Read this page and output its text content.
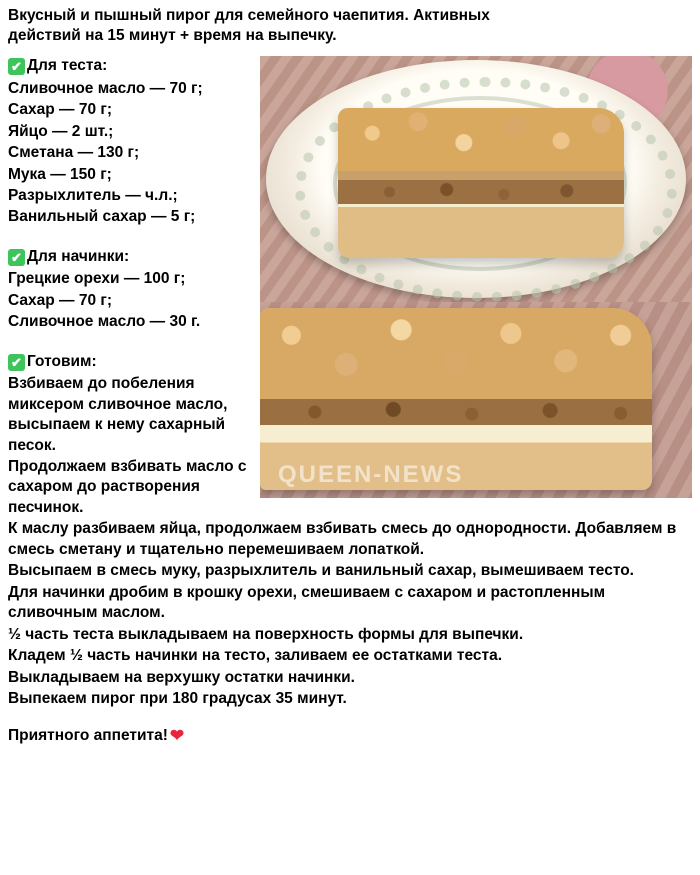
Вкусный и пышный пирог для семейного чаепития. Активных
действий на 15 минут + время на выпечку.
QUEEN-NEWS
✔ Для теста:
Сливочное масло — 70 г;
Сахар — 70 г;
Яйцо — 2 шт.;
Сметана — 130 г;
Мука — 150 г;
Разрыхлитель — ч.л.;
Ванильный сахар — 5 г;
✔ Для начинки:
Грецкие орехи — 100 г;
Сахар — 70 г;
Сливочное масло — 30 г.
✔ Готовим:
Взбиваем до побеления миксером сливочное масло, высыпаем к нему сахарный песок.
Продолжаем взбивать масло с сахаром до растворения песчинок.
К маслу разбиваем яйца, продолжаем взбивать смесь до однородности. Добавляем в смесь сметану и тщательно перемешиваем лопаткой.
Высыпаем в смесь муку, разрыхлитель и ванильный сахар, вымешиваем тесто.
Для начинки дробим в крошку орехи, смешиваем с сахаром и растопленным сливочным маслом.
½ часть теста выкладываем на поверхность формы для выпечки.
Кладем ½ часть начинки на тесто, заливаем ее остатками теста.
Выкладываем на верхушку остатки начинки.
Выпекаем пирог при 180 градусах 35 минут.
Приятного аппетита! ❤
